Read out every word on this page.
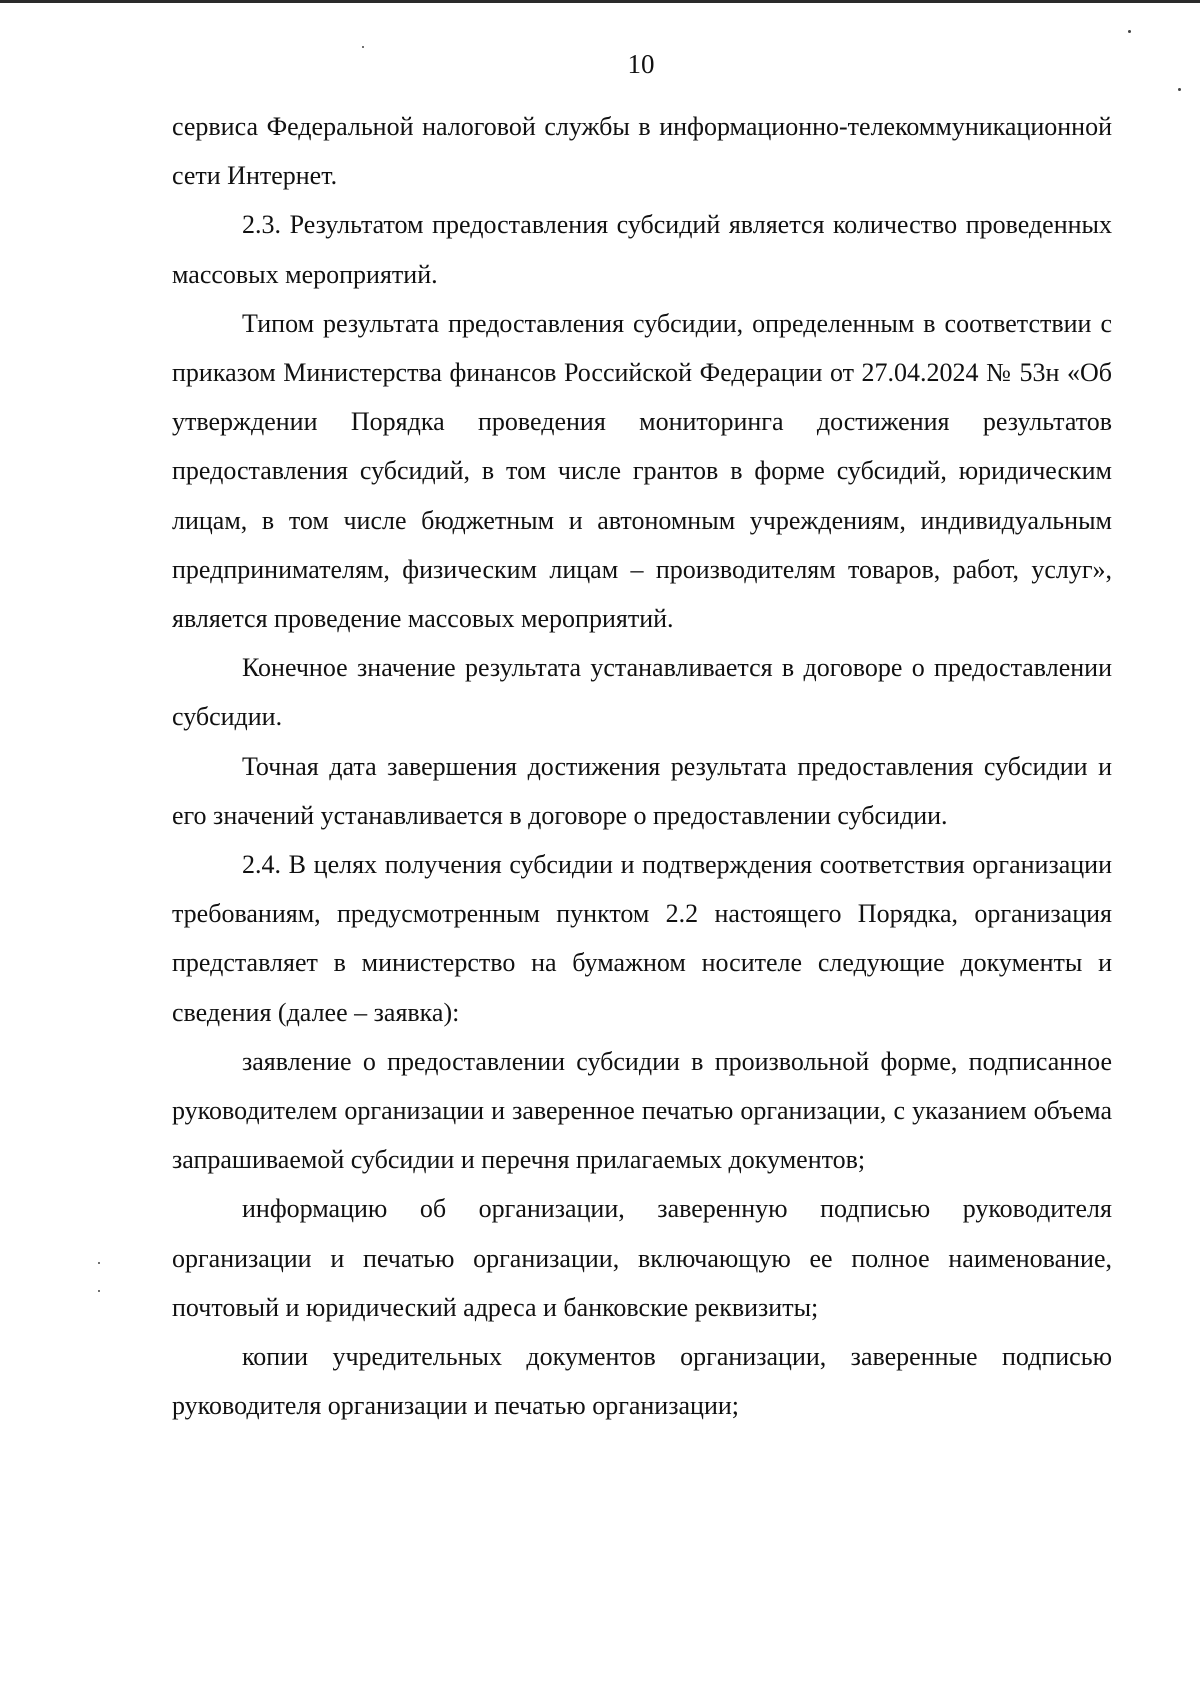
10

сервиса Федеральной налоговой службы в информационно-телекоммуникационной сети Интернет.

2.3. Результатом предоставления субсидий является количество проведенных массовых мероприятий.

Типом результата предоставления субсидии, определенным в соответствии с приказом Министерства финансов Российской Федерации от 27.04.2024 № 53н «Об утверждении Порядка проведения мониторинга достижения результатов предоставления субсидий, в том числе грантов в форме субсидий, юридическим лицам, в том числе бюджетным и автономным учреждениям, индивидуальным предпринимателям, физическим лицам – производителям товаров, работ, услуг», является проведение массовых мероприятий.

Конечное значение результата устанавливается в договоре о предоставлении субсидии.

Точная дата завершения достижения результата предоставления субсидии и его значений устанавливается в договоре о предоставлении субсидии.

2.4. В целях получения субсидии и подтверждения соответствия организации требованиям, предусмотренным пунктом 2.2 настоящего Порядка, организация представляет в министерство на бумажном носителе следующие документы и сведения (далее – заявка):

заявление о предоставлении субсидии в произвольной форме, подписанное руководителем организации и заверенное печатью организации, с указанием объема запрашиваемой субсидии и перечня прилагаемых документов;

информацию об организации, заверенную подписью руководителя организации и печатью организации, включающую ее полное наименование, почтовый и юридический адреса и банковские реквизиты;

копии учредительных документов организации, заверенные подписью руководителя организации и печатью организации;
